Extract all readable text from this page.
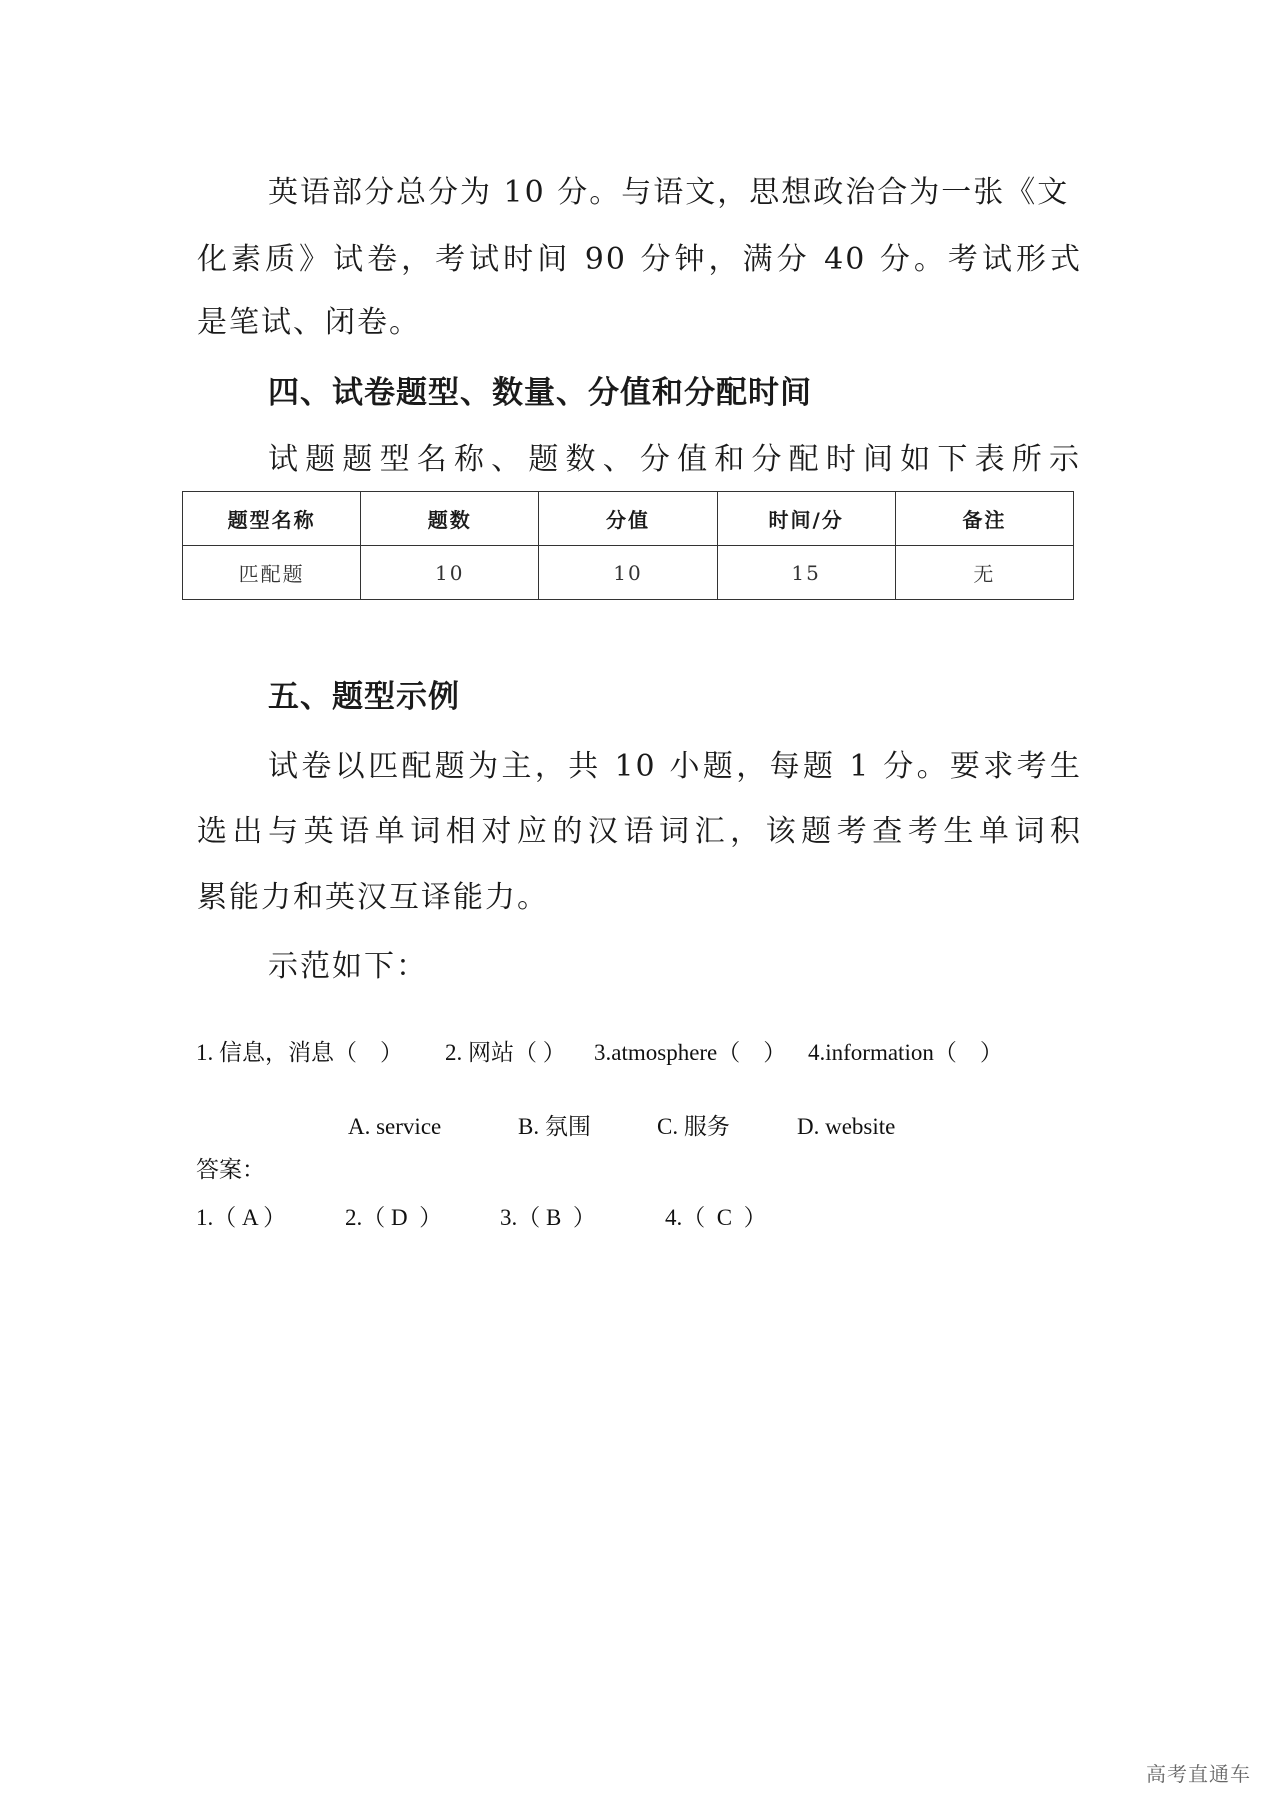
英语部分总分为 10 分。与语文，思想政治合为一张《文
化素质》试卷，考试时间 90 分钟，满分 40 分。考试形式
是笔试、闭卷。
四、试卷题型、数量、分值和分配时间
试题题型名称、题数、分值和分配时间如下表所示
题型名称	题数	分值	时间/分	备注
匹配题	10	10	15	无
五、题型示例
试卷以匹配题为主，共 10 小题，每题 1 分。要求考生
选出与英语单词相对应的汉语词汇，该题考查考生单词积
累能力和英汉互译能力。
示范如下：
1. 信息，消息（　） 2. 网站（ ） 3.atmosphere（　） 4.information（　）
A. service	B. 氛围	C. 服务	D. website
答案：
1.（ A ）	2.（ D  ）	3.（ B  ）	4.（  C  ）
高考直通车
